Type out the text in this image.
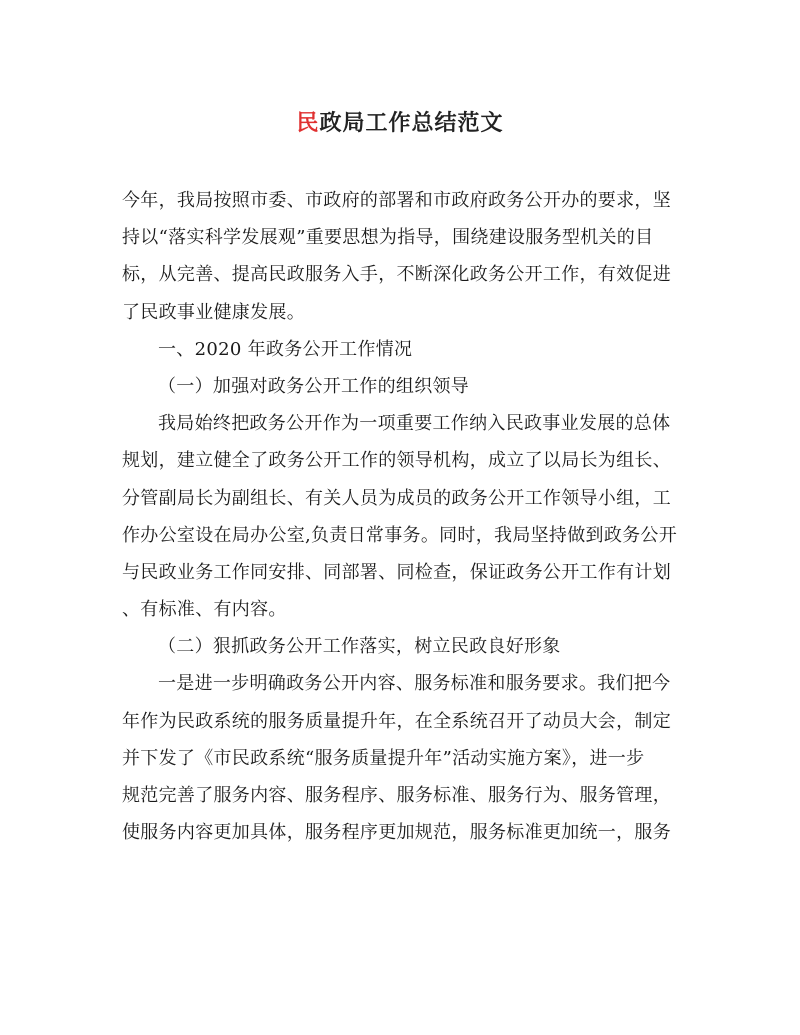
民政局工作总结范文
今年，我局按照市委、市政府的部署和市政府政务公开办的要求，坚
持以“落实科学发展观”重要思想为指导，围绕建设服务型机关的目
标，从完善、提高民政服务入手，不断深化政务公开工作，有效促进
了民政事业健康发展。
一、2020 年政务公开工作情况
（一）加强对政务公开工作的组织领导
我局始终把政务公开作为一项重要工作纳入民政事业发展的总体
规划，建立健全了政务公开工作的领导机构，成立了以局长为组长、
分管副局长为副组长、有关人员为成员的政务公开工作领导小组，工
作办公室设在局办公室,负责日常事务。同时，我局坚持做到政务公开
与民政业务工作同安排、同部署、同检查，保证政务公开工作有计划
、有标准、有内容。
（二）狠抓政务公开工作落实，树立民政良好形象
一是进一步明确政务公开内容、服务标准和服务要求。我们把今
年作为民政系统的服务质量提升年，在全系统召开了动员大会，制定
并下发了《市民政系统“服务质量提升年”活动实施方案》，进一步
规范完善了服务内容、服务程序、服务标准、服务行为、服务管理，
使服务内容更加具体，服务程序更加规范，服务标准更加统一，服务
